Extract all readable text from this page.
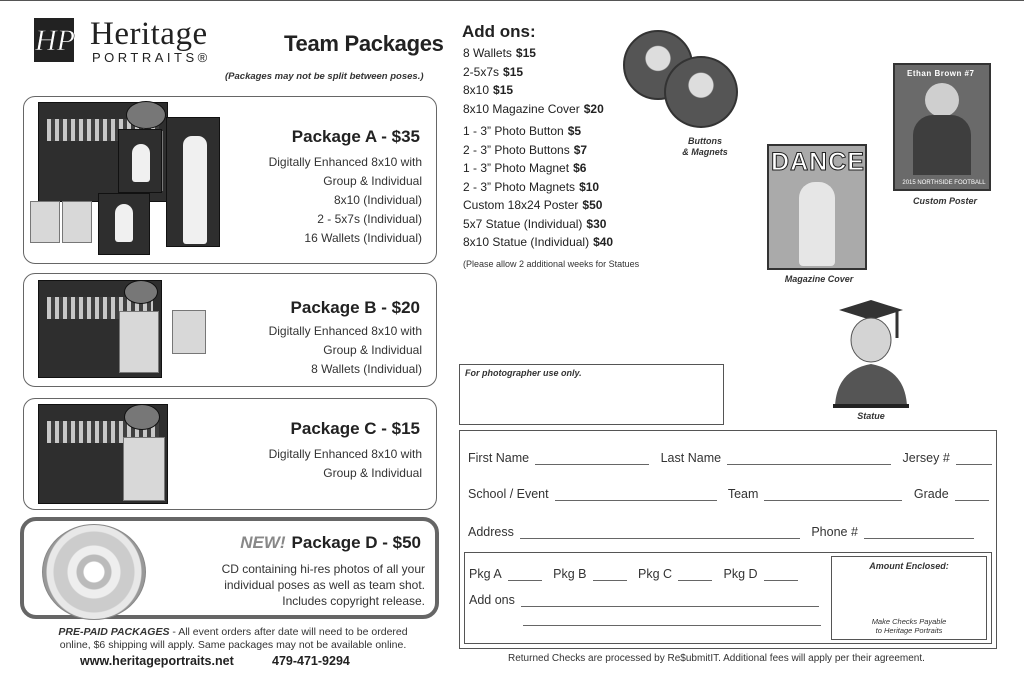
HP Heritage
PORTRAITS®
Team Packages
(Packages may not be split between poses.)
Package A - $35
Digitally Enhanced 8x10 with
Group & Individual
8x10 (Individual)
2 - 5x7s (Individual)
16 Wallets (Individual)
Package B - $20
Digitally Enhanced 8x10 with
Group & Individual
8 Wallets (Individual)
Package C - $15
Digitally Enhanced 8x10 with
Group & Individual
NEW! Package D - $50
CD containing hi-res photos of all your
individual poses as well as team shot.
Includes copyright release.
PRE-PAID PACKAGES - All event orders after date will need to be ordered online, $6 shipping will apply. Same packages may not be available online.
www.heritageportraits.net	479-471-9294
Add ons:
8 Wallets $15
2-5x7s $15
8x10 $15
8x10 Magazine Cover $20
1 - 3” Photo Button $5
2 - 3” Photo Buttons $7
1 - 3” Photo Magnet $6
2 - 3” Photo Magnets $10
Custom 18x24 Poster $50
5x7 Statue (Individual) $30
8x10 Statue (Individual) $40
(Please allow 2 additional weeks for Statues
Buttons
& Magnets	DANCE
Magazine Cover
Ethan Brown #7
2015 NORTHSIDE FOOTBALL
Custom Poster
Statue
For photographer use only.
First Name	Last Name	Jersey #
School / Event	Team	Grade
Address	Phone #
Pkg A	Pkg B	Pkg C	Pkg D
Add ons
Amount Enclosed:
Make Checks Payable
to Heritage Portraits
Returned Checks are processed by Re$ubmitIT. Additional fees will apply per their agreement.
